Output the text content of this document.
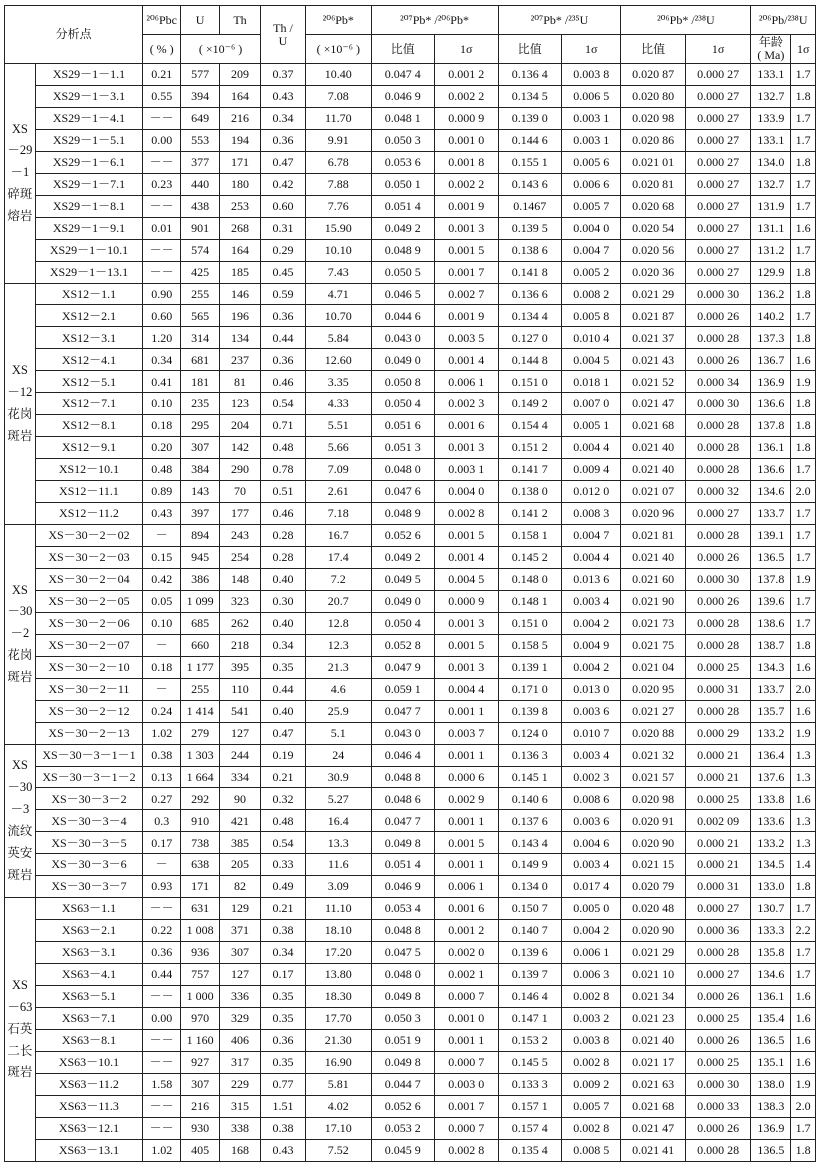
分析点		²⁰⁶Pbc	U	Th	Th /
U	²⁰⁶Pb*	²⁰⁷Pb* /²⁰⁶Pb*		²⁰⁷Pb* /²³⁵U		²⁰⁶Pb* /²³⁸U		²⁰⁶Pb/²³⁸U	
		( % )	( ×10⁻⁶ )			( ×10⁻⁶ )	比值	1σ	比值	1σ	比值	1σ	年龄
( Ma)	1σ
XS－29－1碎斑熔岩	XS29－1－1.1	0.21	577	209	0.37	10.40	0.047 4	0.001 2	0.136 4	0.003 8	0.020 87	0.000 27	133.1	1.7
	XS29－1－3.1	0.55	394	164	0.43	7.08	0.046 9	0.002 2	0.134 5	0.006 5	0.020 80	0.000 27	132.7	1.8
	XS29－1－4.1	－－	649	216	0.34	11.70	0.048 1	0.000 9	0.139 0	0.003 1	0.020 98	0.000 27	133.9	1.7
	XS29－1－5.1	0.00	553	194	0.36	9.91	0.050 3	0.001 0	0.144 6	0.003 1	0.020 86	0.000 27	133.1	1.7
	XS29－1－6.1	－－	377	171	0.47	6.78	0.053 6	0.001 8	0.155 1	0.005 6	0.021 01	0.000 27	134.0	1.8
	XS29－1－7.1	0.23	440	180	0.42	7.88	0.050 1	0.002 2	0.143 6	0.006 6	0.020 81	0.000 27	132.7	1.7
	XS29－1－8.1	－－	438	253	0.60	7.76	0.051 4	0.001 9	0.1467	0.005 7	0.020 68	0.000 27	131.9	1.7
	XS29－1－9.1	0.01	901	268	0.31	15.90	0.049 2	0.001 3	0.139 5	0.004 0	0.020 54	0.000 27	131.1	1.6
	XS29－1－10.1	－－	574	164	0.29	10.10	0.048 9	0.001 5	0.138 6	0.004 7	0.020 56	0.000 27	131.2	1.7
	XS29－1－13.1	－－	425	185	0.45	7.43	0.050 5	0.001 7	0.141 8	0.005 2	0.020 36	0.000 27	129.9	1.8
XS－12花岗斑岩	XS12－1.1	0.90	255	146	0.59	4.71	0.046 5	0.002 7	0.136 6	0.008 2	0.021 29	0.000 30	136.2	1.8
	XS12－2.1	0.60	565	196	0.36	10.70	0.044 6	0.001 9	0.134 4	0.005 8	0.021 87	0.000 26	140.2	1.7
	XS12－3.1	1.20	314	134	0.44	5.84	0.043 0	0.003 5	0.127 0	0.010 4	0.021 37	0.000 28	137.3	1.8
	XS12－4.1	0.34	681	237	0.36	12.60	0.049 0	0.001 4	0.144 8	0.004 5	0.021 43	0.000 26	136.7	1.6
	XS12－5.1	0.41	181	81	0.46	3.35	0.050 8	0.006 1	0.151 0	0.018 1	0.021 52	0.000 34	136.9	1.9
	XS12－7.1	0.10	235	123	0.54	4.33	0.050 4	0.002 3	0.149 2	0.007 0	0.021 47	0.000 30	136.6	1.8
	XS12－8.1	0.18	295	204	0.71	5.51	0.051 6	0.001 6	0.154 4	0.005 1	0.021 68	0.000 28	137.8	1.8
	XS12－9.1	0.20	307	142	0.48	5.66	0.051 3	0.001 3	0.151 2	0.004 4	0.021 40	0.000 28	136.1	1.8
	XS12－10.1	0.48	384	290	0.78	7.09	0.048 0	0.003 1	0.141 7	0.009 4	0.021 40	0.000 28	136.6	1.7
	XS12－11.1	0.89	143	70	0.51	2.61	0.047 6	0.004 0	0.138 0	0.012 0	0.021 07	0.000 32	134.6	2.0
	XS12－11.2	0.43	397	177	0.46	7.18	0.048 9	0.002 8	0.141 2	0.008 3	0.020 96	0.000 27	133.7	1.7
XS－30－2花岗斑岩	XS－30－2－02	－	894	243	0.28	16.7	0.052 6	0.001 5	0.158 1	0.004 7	0.021 81	0.000 28	139.1	1.7
	XS－30－2－03	0.15	945	254	0.28	17.4	0.049 2	0.001 4	0.145 2	0.004 4	0.021 40	0.000 26	136.5	1.7
	XS－30－2－04	0.42	386	148	0.40	7.2	0.049 5	0.004 5	0.148 0	0.013 6	0.021 60	0.000 30	137.8	1.9
	XS－30－2－05	0.05	1 099	323	0.30	20.7	0.049 0	0.000 9	0.148 1	0.003 4	0.021 90	0.000 26	139.6	1.7
	XS－30－2－06	0.10	685	262	0.40	12.8	0.050 4	0.001 3	0.151 0	0.004 2	0.021 73	0.000 28	138.6	1.7
	XS－30－2－07	－	660	218	0.34	12.3	0.052 8	0.001 5	0.158 5	0.004 9	0.021 75	0.000 28	138.7	1.8
	XS－30－2－10	0.18	1 177	395	0.35	21.3	0.047 9	0.001 3	0.139 1	0.004 2	0.021 04	0.000 25	134.3	1.6
	XS－30－2－11	－	255	110	0.44	4.6	0.059 1	0.004 4	0.171 0	0.013 0	0.020 95	0.000 31	133.7	2.0
	XS－30－2－12	0.24	1 414	541	0.40	25.9	0.047 7	0.001 1	0.139 8	0.003 6	0.021 27	0.000 28	135.7	1.6
	XS－30－2－13	1.02	279	127	0.47	5.1	0.043 0	0.003 7	0.124 0	0.010 7	0.020 88	0.000 29	133.2	1.9
XS－30－3流纹英安斑岩	XS－30－3－1－1	0.38	1 303	244	0.19	24	0.046 4	0.001 1	0.136 3	0.003 4	0.021 32	0.000 21	136.4	1.3
	XS－30－3－1－2	0.13	1 664	334	0.21	30.9	0.048 8	0.000 6	0.145 1	0.002 3	0.021 57	0.000 21	137.6	1.3
	XS－30－3－2	0.27	292	90	0.32	5.27	0.048 6	0.002 9	0.140 6	0.008 6	0.020 98	0.000 25	133.8	1.6
	XS－30－3－4	0.3	910	421	0.48	16.4	0.047 7	0.001 1	0.137 6	0.003 6	0.020 91	0.002 09	133.6	1.3
	XS－30－3－5	0.17	738	385	0.54	13.3	0.049 8	0.001 5	0.143 4	0.004 6	0.020 90	0.000 21	133.2	1.3
	XS－30－3－6	－	638	205	0.33	11.6	0.051 4	0.001 1	0.149 9	0.003 4	0.021 15	0.000 21	134.5	1.4
	XS－30－3－7	0.93	171	82	0.49	3.09	0.046 9	0.006 1	0.134 0	0.017 4	0.020 79	0.000 31	133.0	1.8
XS－63石英二长斑岩	XS63－1.1	－－	631	129	0.21	11.10	0.053 4	0.001 6	0.150 7	0.005 0	0.020 48	0.000 27	130.7	1.7
	XS63－2.1	0.22	1 008	371	0.38	18.10	0.048 8	0.001 2	0.140 7	0.004 2	0.020 90	0.000 36	133.3	2.2
	XS63－3.1	0.36	936	307	0.34	17.20	0.047 5	0.002 0	0.139 6	0.006 1	0.021 29	0.000 28	135.8	1.7
	XS63－4.1	0.44	757	127	0.17	13.80	0.048 0	0.002 1	0.139 7	0.006 3	0.021 10	0.000 27	134.6	1.7
	XS63－5.1	－－	1 000	336	0.35	18.30	0.049 8	0.000 7	0.146 4	0.002 8	0.021 34	0.000 26	136.1	1.6
	XS63－7.1	0.00	970	329	0.35	17.70	0.050 3	0.001 0	0.147 1	0.003 2	0.021 23	0.000 25	135.4	1.6
	XS63－8.1	－－	1 160	406	0.36	21.30	0.051 9	0.001 1	0.153 2	0.003 8	0.021 40	0.000 26	136.5	1.6
	XS63－10.1	－－	927	317	0.35	16.90	0.049 8	0.000 7	0.145 5	0.002 8	0.021 17	0.000 25	135.1	1.6
	XS63－11.2	1.58	307	229	0.77	5.81	0.044 7	0.003 0	0.133 3	0.009 2	0.021 63	0.000 30	138.0	1.9
	XS63－11.3	－－	216	315	1.51	4.02	0.052 6	0.001 7	0.157 1	0.005 7	0.021 68	0.000 33	138.3	2.0
	XS63－12.1	－－	930	338	0.38	17.10	0.053 2	0.000 7	0.157 4	0.002 8	0.021 47	0.000 26	136.9	1.7
	XS63－13.1	1.02	405	168	0.43	7.52	0.045 9	0.002 8	0.135 4	0.008 5	0.021 41	0.000 28	136.5	1.8
